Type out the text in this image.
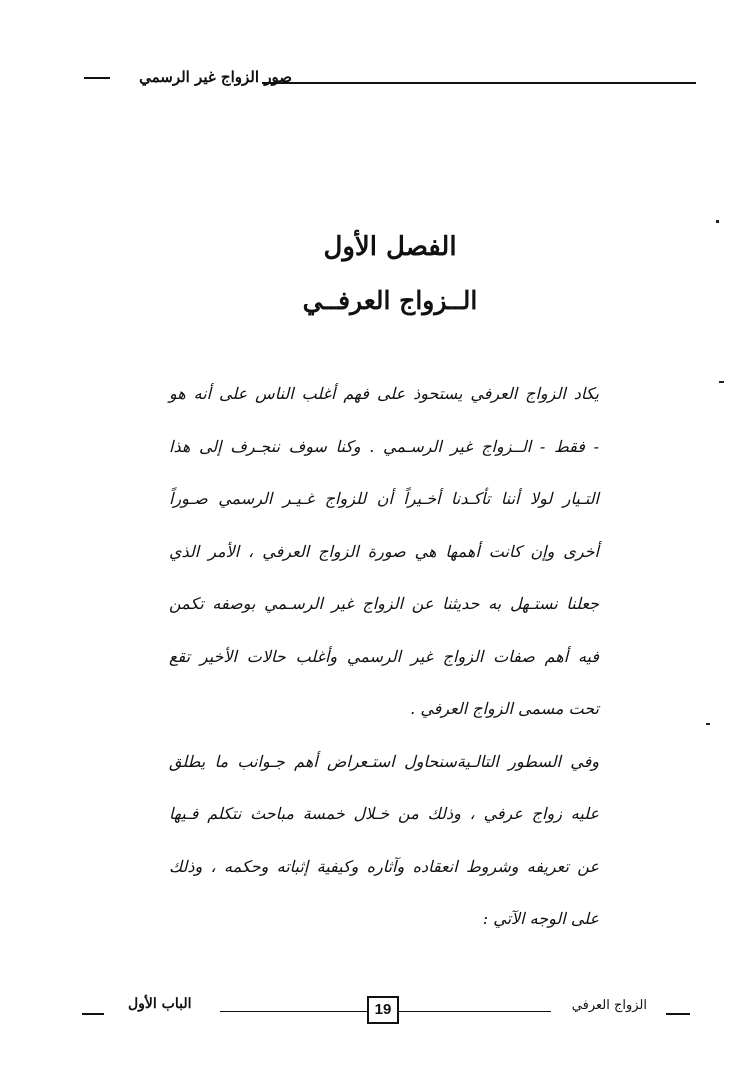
صور الزواج غير الرسمي
الفصل الأول
الــزواج العرفــي
يكاد الزواج العرفي يستحوذ على فهم أغلب الناس على أنه هو
- فقط - الــزواج غير الرسـمي . وكنا سوف ننجـرف إلى هذا
التـيار لولا أننا تأكـدنا أخـيراً أن للزواج غـيـر الرسمي صـوراً
أخرى وإن كانت أهمها هي صورة الزواج العرفي ، الأمر الذي
جعلنا نستـهل به حديثنا عن الزواج غير الرسـمي بوصفه تكمن
فيه أهم صفات الزواج غير الرسمي وأغلب حالات الأخير تقع
تحت مسمى الزواج العرفي .
وفي السطور التالـيةسنحاول استـعراض أهم جـوانب ما يطلق
عليه زواج عرفي ، وذلك من خـلال خمسة مباحث نتكلم فـيها
عن تعريفه وشروط انعقاده وآثاره وكيفية إثباته وحكمه ، وذلك
على الوجه الآتي :
الباب الأول	19	الزواج العرفي
